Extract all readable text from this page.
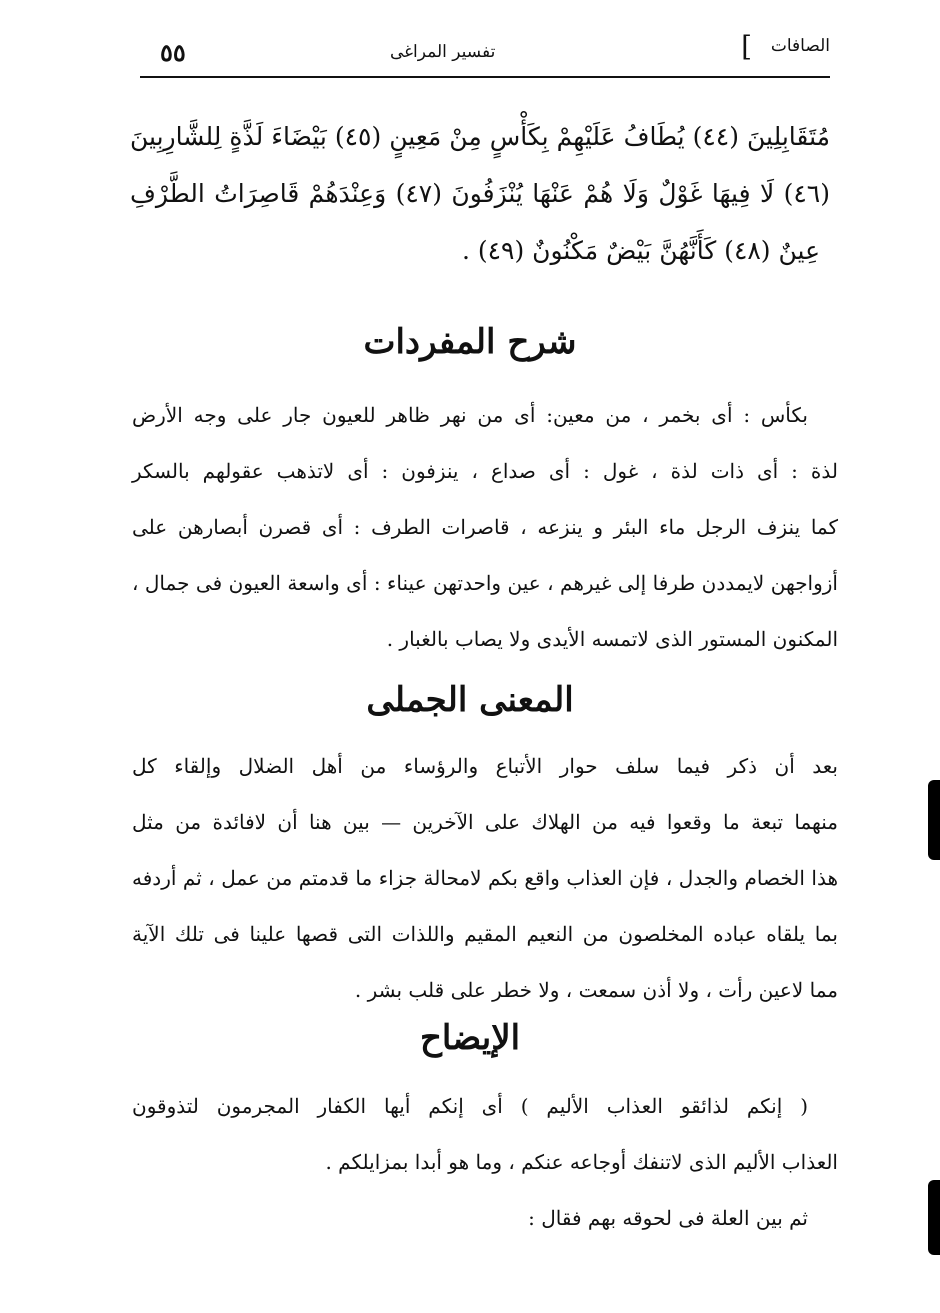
الصافات
]
تفسير المراغى
٥٥
مُتَقَابِلِينَ (٤٤) يُطَافُ عَلَيْهِمْ بِكَأْسٍ مِنْ مَعِينٍ (٤٥) بَيْضَاءَ لَذَّةٍ لِلشَّارِبِينَ
(٤٦) لَا فِيهَا غَوْلٌ وَلَا هُمْ عَنْهَا يُنْزَفُونَ (٤٧) وَعِنْدَهُمْ قَاصِرَاتُ الطَّرْفِ
عِينٌ (٤٨) كَأَنَّهُنَّ بَيْضٌ مَكْنُونٌ (٤٩) .
شرح المفردات
بكأس : أى بخمر ، من معين: أى من نهر ظاهر للعيون جار على وجه الأرض
لذة : أى ذات لذة ، غول : أى صداع ، ينزفون : أى لاتذهب عقولهم بالسكر
كما ينزف الرجل ماء البئر و ينزعه ، قاصرات الطرف : أى قصرن أبصارهن على
أزواجهن لايمددن طرفا إلى غيرهم ، عين واحدتهن عيناء : أى واسعة العيون فى جمال ،
المكنون المستور الذى لاتمسه الأيدى ولا يصاب بالغبار .
المعنى الجملى
بعد أن ذكر فيما سلف حوار الأتباع والرؤساء من أهل الضلال وإلقاء كل
منهما تبعة ما وقعوا فيه من الهلاك على الآخرين — بين هنا أن لافائدة من مثل
هذا الخصام والجدل ، فإن العذاب واقع بكم لامحالة جزاء ما قدمتم من عمل ، ثم أردفه
بما يلقاه عباده المخلصون من النعيم المقيم واللذات التى قصها علينا فى تلك الآية
مما لاعين رأت ، ولا أذن سمعت ، ولا خطر على قلب بشر .
الإيضاح
( إنكم لذائقو العذاب الأليم ) أى إنكم أيها الكفار المجرمون لتذوقون
العذاب الأليم الذى لاتنفك أوجاعه عنكم ، وما هو أبدا بمزايلكم .
ثم بين العلة فى لحوقه بهم فقال :
